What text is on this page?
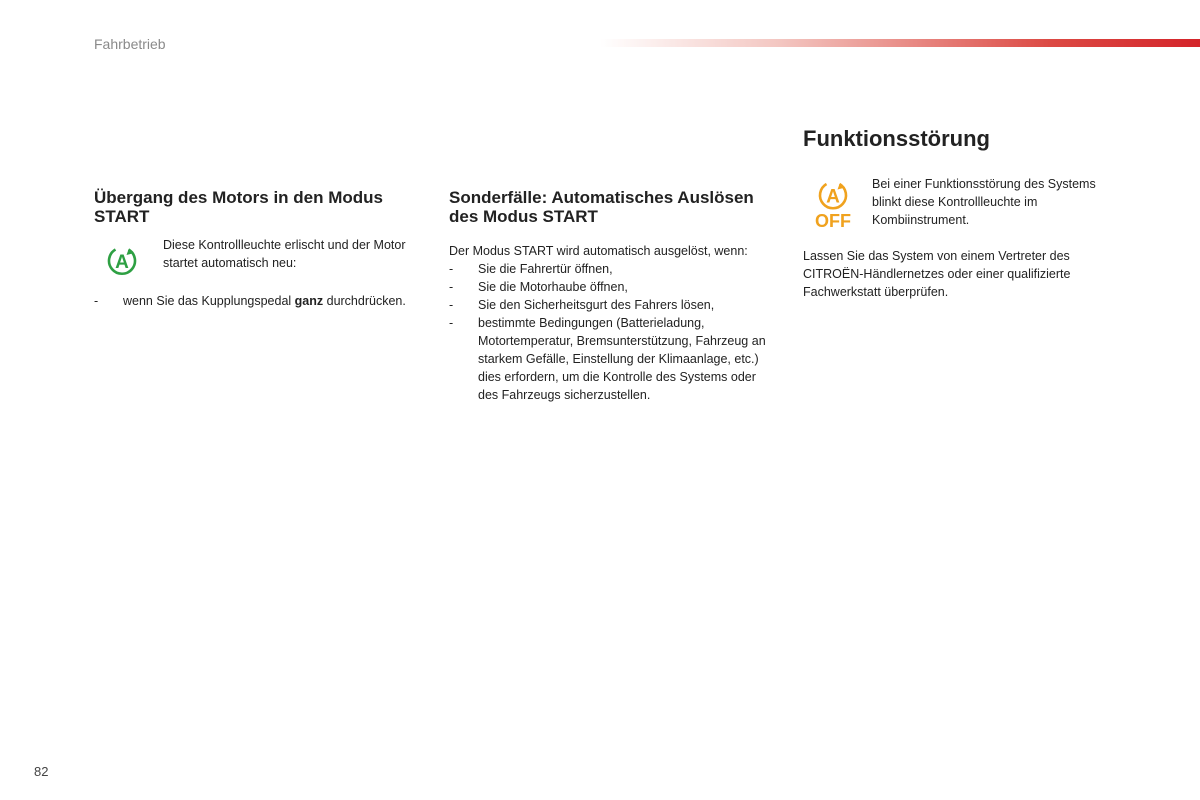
Fahrbetrieb
Übergang des Motors in den Modus START
A
Diese Kontrollleuchte erlischt und der Motor startet automatisch neu:
-	wenn Sie das Kupplungspedal ganz durchdrücken.
Sonderfälle: Automatisches Auslösen des Modus START
Der Modus START wird automatisch ausgelöst, wenn:
-	Sie die Fahrertür öffnen,
-	Sie die Motorhaube öffnen,
-	Sie den Sicherheitsgurt des Fahrers lösen,
-	bestimmte Bedingungen (Batterieladung, Motortemperatur, Bremsunterstützung, Fahrzeug an starkem Gefälle, Einstellung der Klimaanlage, etc.) dies erfordern, um die Kontrolle des Systems oder des Fahrzeugs sicherzustellen.
Funktionsstörung
A
OFF
Bei einer Funktionsstörung des Systems blinkt diese Kontrollleuchte im Kombiinstrument.
Lassen Sie das System von einem Vertreter des CITROËN-Händlernetzes oder einer qualifizierte Fachwerkstatt überprüfen.
82
